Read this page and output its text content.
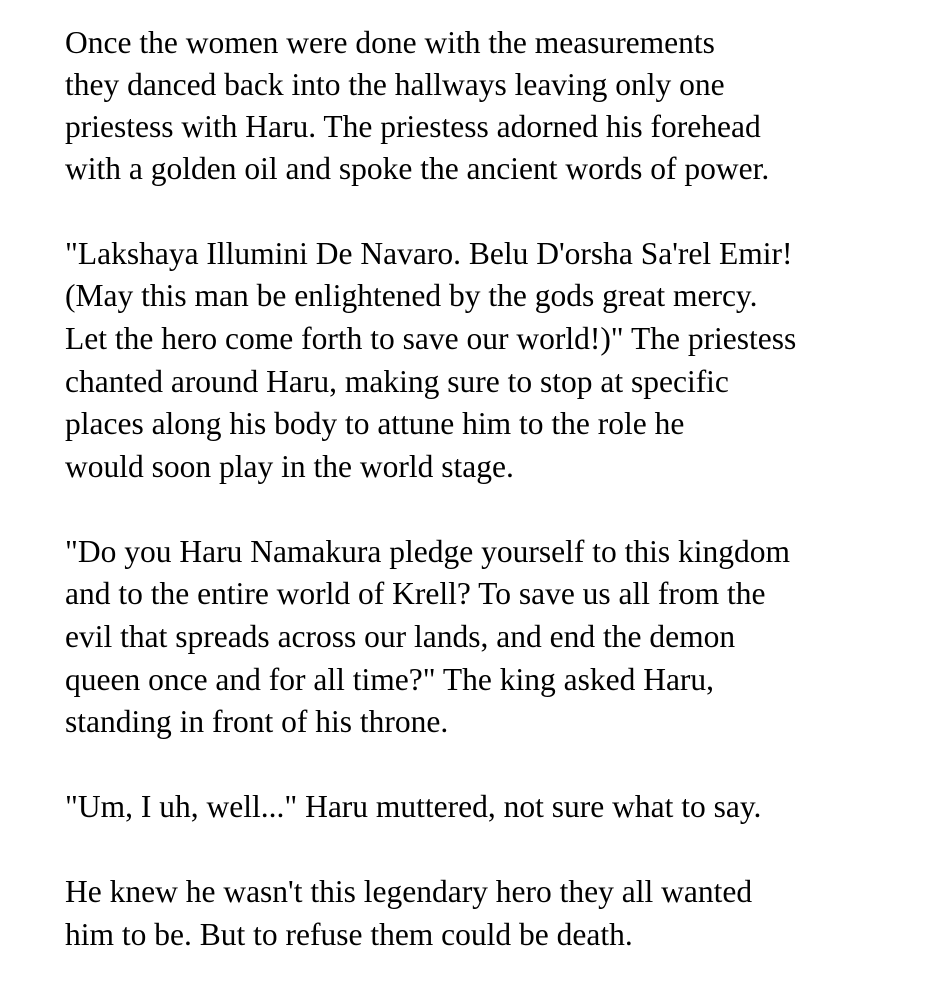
Once the women were done with the measurements

they danced back into the hallways leaving only one

priestess with Haru. The priestess adorned his forehead

with a golden oil and spoke the ancient words of power.

"Lakshaya Illumini De Navaro. Belu D'orsha Sa'rel Emir!

(May this man be enlightened by the gods great mercy.

Let the hero come forth to save our world!)" The priestess

chanted around Haru, making sure to stop at specific

places along his body to attune him to the role he

would soon play in the world stage.

"Do you Haru Namakura pledge yourself to this kingdom

and to the entire world of Krell? To save us all from the

evil that spreads across our lands, and end the demon

queen once and for all time?" The king asked Haru,

standing in front of his throne.

"Um, I uh, well..." Haru muttered, not sure what to say.

He knew he wasn't this legendary hero they all wanted

him to be. But to refuse them could be death.
